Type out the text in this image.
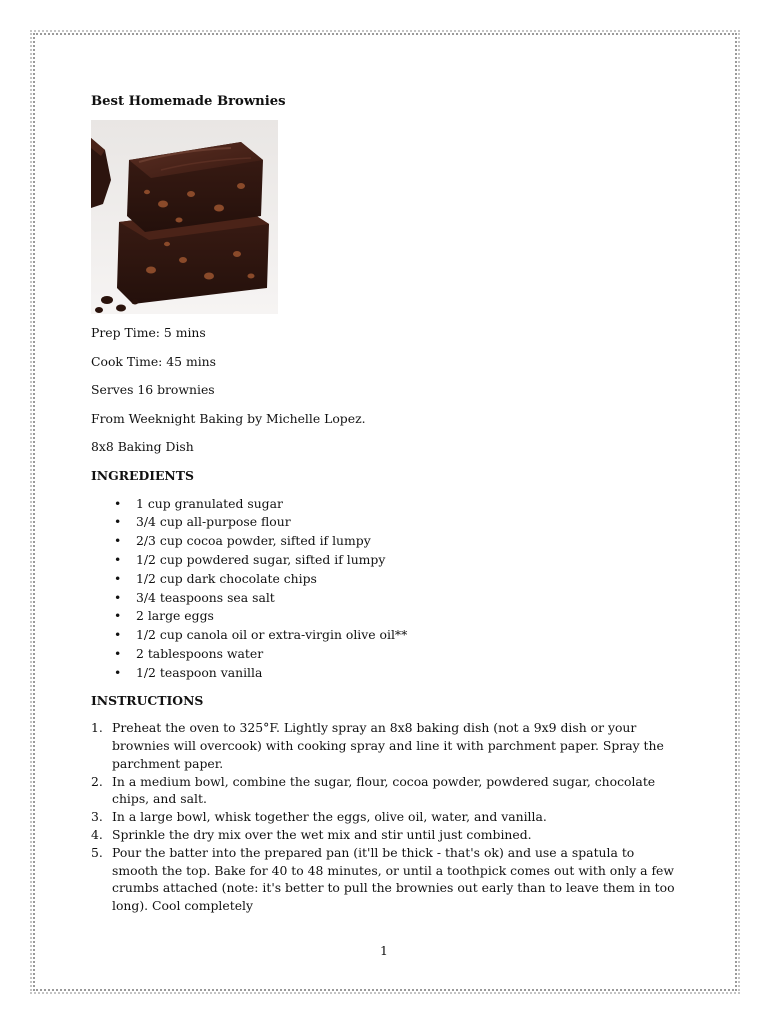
Best Homemade Brownies
Prep Time: 5 mins
Cook Time: 45 mins
Serves 16 brownies
From Weeknight Baking by Michelle Lopez.
8x8 Baking Dish
INGREDIENTS
• 1 cup granulated sugar
• 3/4 cup all-purpose flour
• 2/3 cup cocoa powder, sifted if lumpy
• 1/2 cup powdered sugar, sifted if lumpy
• 1/2 cup dark chocolate chips
• 3/4 teaspoons sea salt
• 2 large eggs
• 1/2 cup canola oil or extra-virgin olive oil**
• 2 tablespoons water
• 1/2 teaspoon vanilla
INSTRUCTIONS
1. Preheat the oven to 325°F. Lightly spray an 8x8 baking dish (not a 9x9 dish or your brownies will overcook) with cooking spray and line it with parchment paper. Spray the parchment paper.
2. In a medium bowl, combine the sugar, flour, cocoa powder, powdered sugar, chocolate chips, and salt.
3. In a large bowl, whisk together the eggs, olive oil, water, and vanilla.
4. Sprinkle the dry mix over the wet mix and stir until just combined.
5. Pour the batter into the prepared pan (it'll be thick - that's ok) and use a spatula to smooth the top. Bake for 40 to 48 minutes, or until a toothpick comes out with only a few crumbs attached (note: it's better to pull the brownies out early than to leave them in too long). Cool completely
1
